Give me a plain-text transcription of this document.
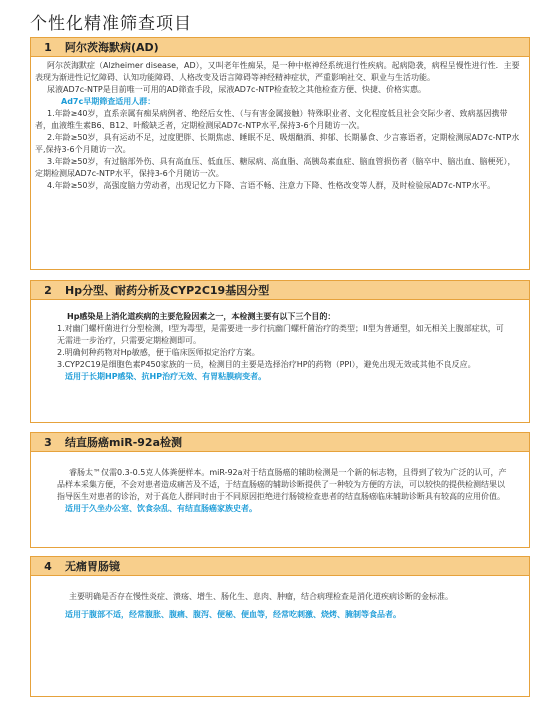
个性化精准筛查项目
1	阿尔茨海默病(AD)

阿尔茨海默症（Alzheimer disease，AD），又叫老年性痴呆，是一种中枢神经系统退行性疾病。起病隐袭，病程呈慢性进行性．主要表现为渐进性记忆障碍、认知功能障碍、人格改变及语言障碍等神经精神症状，严重影响社交、职业与生活功能。

尿液AD7c-NTP是目前唯一可用的AD筛查手段，尿液AD7c-NTP检查较之其他检查方便、快捷、价格实惠。

Ad7c早期筛查适用人群：

1.年龄≥40岁，直系亲属有痴呆病例者、绝经后女性、（与有害金属接触）特殊职业者、文化程度低且社会交际少者、致病基因携带者，血液维生素B6、B12、叶酸缺乏者，定期检测尿AD7c-NTP水平,保持3-6个月随访一次。

2.年龄≥50岁，具有运动不足，过度肥胖、长期焦虑、睡眠不足、吸烟酗酒、抑郁、长期暴食、少言寡语者，定期检测尿AD7c-NTP水平,保持3-6个月随访一次。

3.年龄≥50岁，有过脑部外伤、具有高血压、低血压、糖尿病、高血脂、高胰岛素血症、脑血管损伤者（脑卒中、脑出血、脑梗死），定期检测尿AD7c-NTP水平，保持3-6个月随访一次。

4.年龄≥50岁，高强度脑力劳动者，出现记忆力下降、言语不畅、注意力下降、性格改变等人群，及时检验尿AD7c-NTP水平。

2	Hp分型、耐药分析及CYP2C19基因分型

Hp感染是上消化道疾病的主要危险因素之一，本检测主要有以下三个目的：

1.对幽门螺杆菌进行分型检测，I型为毒型，是需要进一步行抗幽门螺杆菌治疗的类型；II型为普通型，如无相关上腹部症状，可无需进一步治疗，只需要定期检测即可。

2.明确何种药物对Hp敏感，便于临床医师拟定治疗方案。

3.CYP2C19是细胞色素P450家族的一员，检测目的主要是选择治疗HP的药物（PPI），避免出现无效或其他不良反应。

适用于长期HP感染、抗HP治疗无效、有胃粘膜病变者。

3	结直肠癌miR-92a检测

睿肠太™仅需0.3-0.5克人体粪便样本。miR-92a对于结直肠癌的辅助检测是一个新的标志物，且得到了较为广泛的认可，产品样本采集方便，不会对患者造成痛苦及不适，于结直肠癌的辅助诊断提供了一种较为方便的方法，可以较快的提供检测结果以指导医生对患者的诊治，对于高危人群同时由于不同原因拒绝进行肠镜检查患者的结直肠癌临床辅助诊断具有较高的应用价值。

适用于久坐办公室、饮食杂乱、有结直肠癌家族史者。

4	无痛胃肠镜

主要明确是否存在慢性炎症、溃疡、增生、肠化生、息肉、肿瘤，结合病理检查是消化道疾病诊断的金标准。

适用于腹部不适，经常腹胀、腹痛、腹泻、便秘、便血等，经常吃刺激、烧烤、腌制等食品者。
